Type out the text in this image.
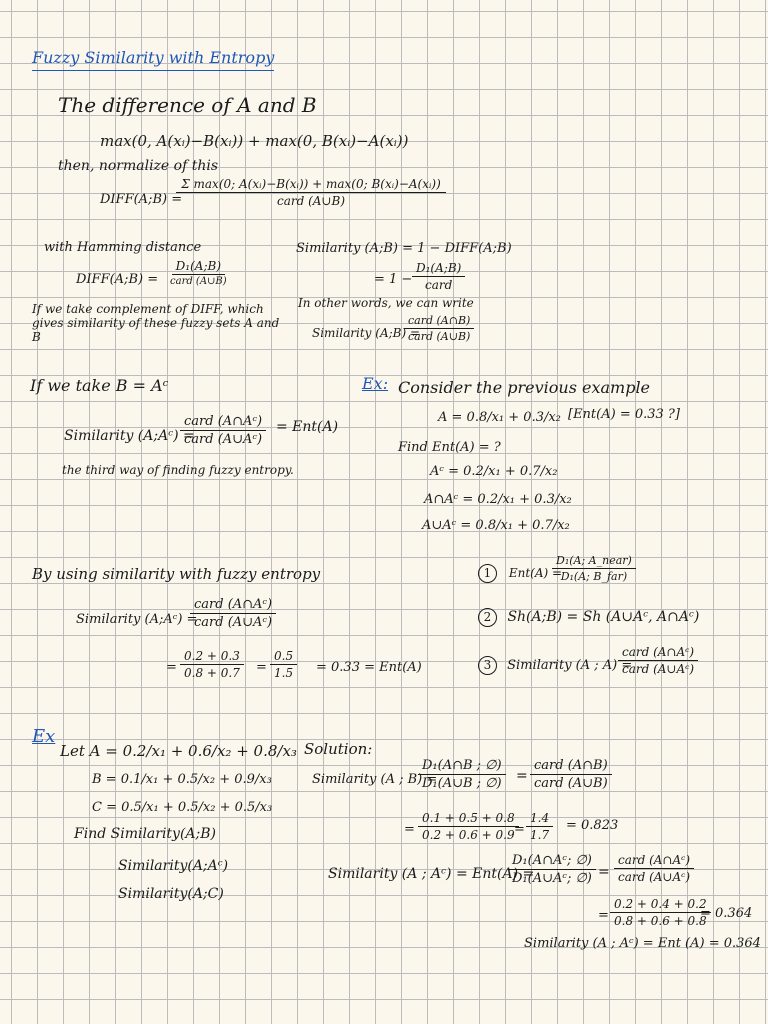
Fuzzy Similarity with Entropy
The difference of A and B
max(0, A(xᵢ)−B(xᵢ)) + max(0, B(xᵢ)−A(xᵢ))
then, normalize of this
DIFF(A;B) =
Σ max(0; A(xᵢ)−B(xᵢ)) + max(0; B(xᵢ)−A(xᵢ))
card (A∪B)
with Hamming distance
DIFF(A;B) =
D₁(A;B)
card (A∪B)
If we take complement of DIFF, which
gives similarity of these fuzzy sets A and
B
Similarity (A;B) = 1 − DIFF(A;B)
= 1 −
D₁(A;B)
card
In other words, we can write
Similarity (A;B) =
card (A∩B)
card (A∪B)
If we take B = Aᶜ
Similarity (A;Aᶜ) =
card (A∩Aᶜ)
card (A∪Aᶜ)
= Ent(A)
the third way of finding fuzzy entropy.
Ex: Consider the previous example
A = 0.8/x₁ + 0.3/x₂ [Ent(A) = 0.33 ?]
Find Ent(A) = ?
Aᶜ = 0.2/x₁ + 0.7/x₂
A∩Aᶜ = 0.2/x₁ + 0.3/x₂
A∪Aᶜ = 0.8/x₁ + 0.7/x₂
By using similarity with fuzzy entropy
Similarity (A;Aᶜ) =
card (A∩Aᶜ)
card (A∪Aᶜ)
= $\frac{0.2 + 0.3}{0.8 + 0.7} = \frac{0.5}{1.5} = 0.33 = Ent(A)$
1 Ent(A) =
D₁(A; A_near)
D₁(A; B_far)
2 Sh(A;B) = Sh (A∪Aᶜ, A∩Aᶜ)
3 Similarity (A ; A) =
card (A∩Aᶜ)
card (A∪Aᶜ)
Ex
Let A = 0.2/x₁ + 0.6/x₂ + 0.8/x₃
B = 0.1/x₁ + 0.5/x₂ + 0.9/x₃
C = 0.5/x₁ + 0.5/x₂ + 0.5/x₃
Find Similarity(A;B)
Similarity(A;Aᶜ)
Similarity(A;C)
Solution:
Similarity (A ; B) =
$\frac{\text{D₁(A∩B ; ∅)}}{\text{D₁(A∪B ; ∅)}}$ =
card (A∩B)
card (A∪B)
= $\frac{0.1 + 0.5 + 0.8}{0.2 + 0.6 + 0.9}$
= $\frac{1.4}{1.7} = 0.823$
Similarity (A ; Aᶜ) = Ent(A) =
$\frac{\text{D₁(A∩Aᶜ; ∅)}}{\text{D₁(A∪Aᶜ; ∅)}}$ =
card (A∩Aᶜ)
card (A∪Aᶜ)
= $\frac{0.2 + 0.4 + 0.2}{0.8 + 0.6 + 0.8}$
= 0.364
Similarity (A ; Aᶜ) = Ent (A) = 0.364
